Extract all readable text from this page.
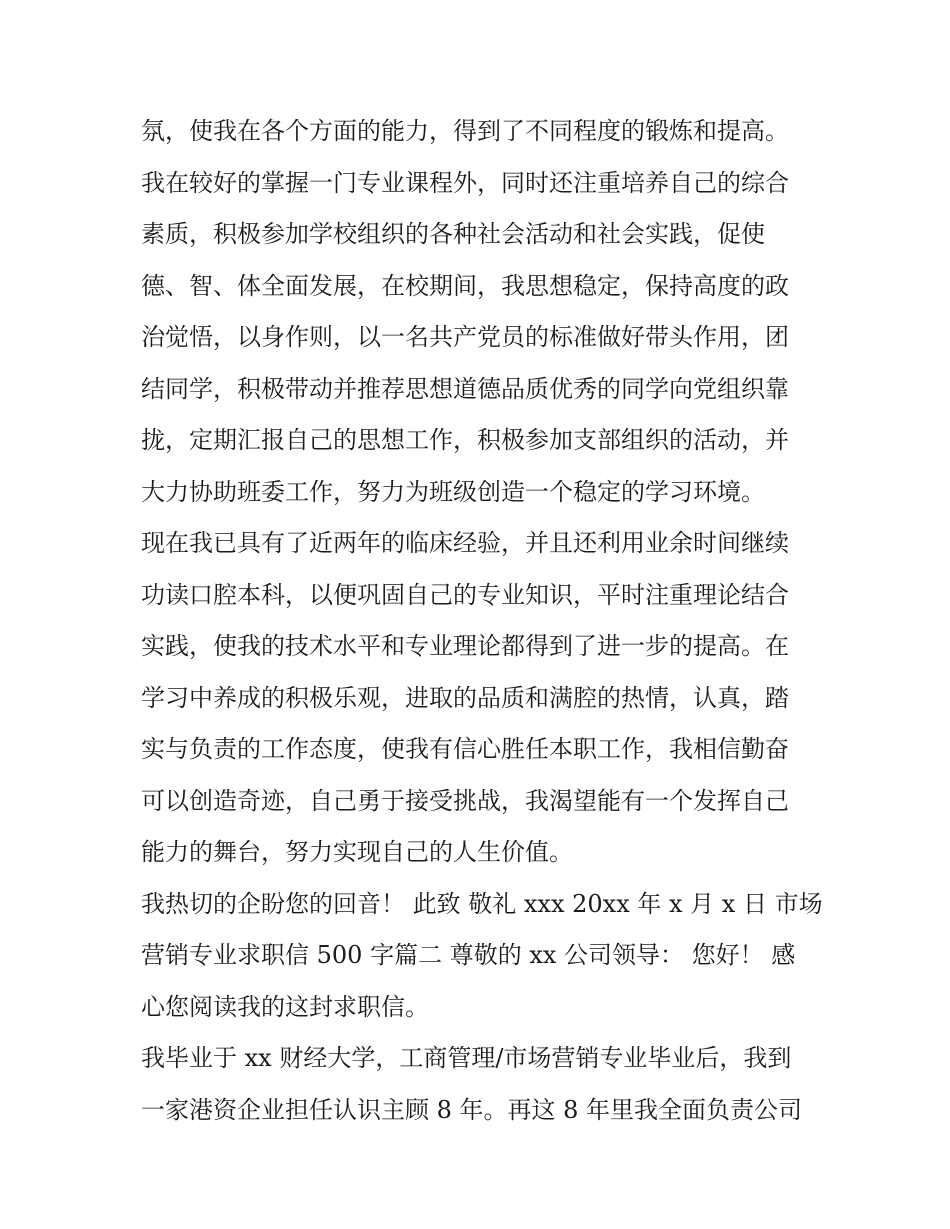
氛，使我在各个方面的能力，得到了不同程度的锻炼和提高。
我在较好的掌握一门专业课程外，同时还注重培养自己的综合
素质，积极参加学校组织的各种社会活动和社会实践，促使
德、智、体全面发展，在校期间，我思想稳定，保持高度的政
治觉悟，以身作则，以一名共产党员的标准做好带头作用，团
结同学，积极带动并推荐思想道德品质优秀的同学向党组织靠
拢，定期汇报自己的思想工作，积极参加支部组织的活动，并
大力协助班委工作，努力为班级创造一个稳定的学习环境。
现在我已具有了近两年的临床经验，并且还利用业余时间继续
功读口腔本科，以便巩固自己的专业知识，平时注重理论结合
实践，使我的技术水平和专业理论都得到了进一步的提高。在
学习中养成的积极乐观，进取的品质和满腔的热情，认真，踏
实与负责的工作态度，使我有信心胜任本职工作，我相信勤奋
可以创造奇迹，自己勇于接受挑战，我渴望能有一个发挥自己
能力的舞台，努力实现自己的人生价值。
我热切的企盼您的回音！ 此致 敬礼 xxx 20xx 年 x 月 x 日 市场
营销专业求职信 500 字篇二 尊敬的 xx 公司领导： 您好！ 感
心您阅读我的这封求职信。
我毕业于 xx 财经大学，工商管理/市场营销专业毕业后，我到
一家港资企业担任认识主顾 8 年。再这 8 年里我全面负责公司
